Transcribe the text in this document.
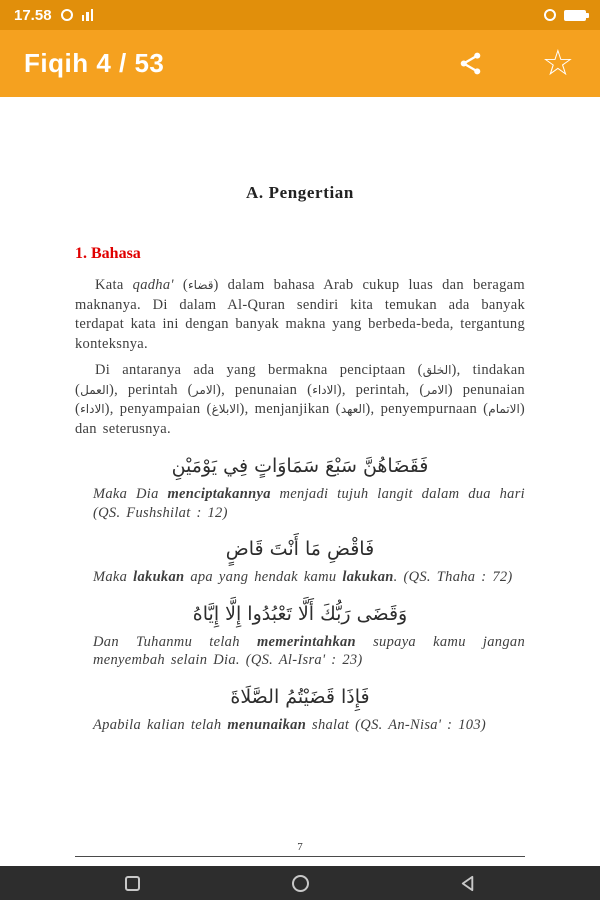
17.58
Fiqih 4 / 53	☆
A. Pengertian
1. Bahasa

Kata qadha' (قضاء) dalam bahasa Arab cukup luas dan beragam maknanya. Di dalam Al-Quran sendiri kita temukan ada banyak terdapat kata ini dengan banyak makna yang berbeda-beda, tergantung konteksnya.

Di antaranya ada yang bermakna penciptaan (الخلق), tindakan (العمل), perintah (الامر), penunaian (الاداء), perintah, (الامر) penunaian (الاداء), penyampaian (الابلاغ), menjanjikan (العهد), penyempurnaan (الاتمام) dan seterusnya.

فَقَضَاهُنَّ سَبْعَ سَمَاوَاتٍ فِي يَوْمَيْنِ

Maka Dia menciptakannya menjadi tujuh langit dalam dua hari (QS. Fushshilat : 12)

فَاقْضِ مَا أَنْتَ قَاضٍ

Maka lakukan apa yang hendak kamu lakukan. (QS. Thaha : 72)

وَقَضَى رَبُّكَ أَلَّا تَعْبُدُوا إِلَّا إِيَّاهُ

Dan Tuhanmu telah memerintahkan supaya kamu jangan menyembah selain Dia. (QS. Al-Isra' : 23)

فَإِذَا قَضَيْتُمُ الصَّلَاةَ

Apabila kalian telah menunaikan shalat (QS. An-Nisa' : 103)

7
